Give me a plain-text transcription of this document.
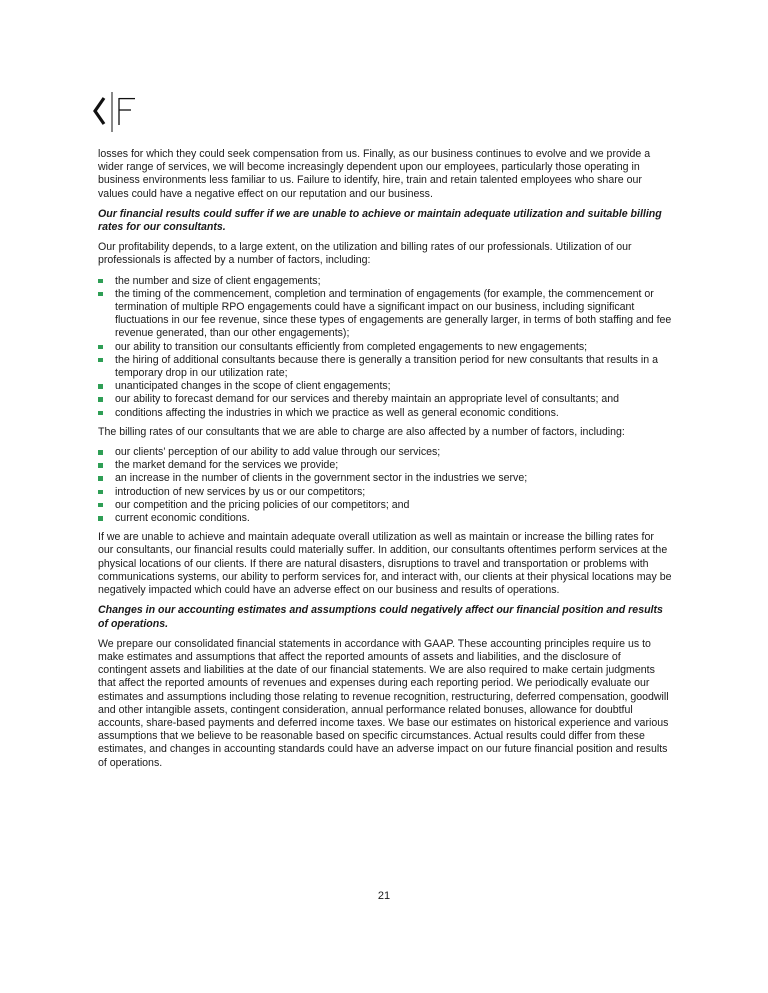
losses for which they could seek compensation from us. Finally, as our business continues to evolve and we provide a wider range of services, we will become increasingly dependent upon our employees, particularly those operating in business environments less familiar to us. Failure to identify, hire, train and retain talented employees who share our values could have a negative effect on our reputation and our business.

Our financial results could suffer if we are unable to achieve or maintain adequate utilization and suitable billing rates for our consultants.

Our profitability depends, to a large extent, on the utilization and billing rates of our professionals. Utilization of our professionals is affected by a number of factors, including:

the number and size of client engagements;
the timing of the commencement, completion and termination of engagements (for example, the commencement or termination of multiple RPO engagements could have a significant impact on our business, including significant fluctuations in our fee revenue, since these types of engagements are generally larger, in terms of both staffing and fee revenue generated, than our other engagements);
our ability to transition our consultants efficiently from completed engagements to new engagements;
the hiring of additional consultants because there is generally a transition period for new consultants that results in a temporary drop in our utilization rate;
unanticipated changes in the scope of client engagements;
our ability to forecast demand for our services and thereby maintain an appropriate level of consultants; and
conditions affecting the industries in which we practice as well as general economic conditions.

The billing rates of our consultants that we are able to charge are also affected by a number of factors, including:

our clients’ perception of our ability to add value through our services;
the market demand for the services we provide;
an increase in the number of clients in the government sector in the industries we serve;
introduction of new services by us or our competitors;
our competition and the pricing policies of our competitors; and
current economic conditions.

If we are unable to achieve and maintain adequate overall utilization as well as maintain or increase the billing rates for our consultants, our financial results could materially suffer. In addition, our consultants oftentimes perform services at the physical locations of our clients. If there are natural disasters, disruptions to travel and transportation or problems with communications systems, our ability to perform services for, and interact with, our clients at their physical locations may be negatively impacted which could have an adverse effect on our business and results of operations.

Changes in our accounting estimates and assumptions could negatively affect our financial position and results of operations.

We prepare our consolidated financial statements in accordance with GAAP. These accounting principles require us to make estimates and assumptions that affect the reported amounts of assets and liabilities, and the disclosure of contingent assets and liabilities at the date of our financial statements. We are also required to make certain judgments that affect the reported amounts of revenues and expenses during each reporting period. We periodically evaluate our estimates and assumptions including those relating to revenue recognition, restructuring, deferred compensation, goodwill and other intangible assets, contingent consideration, annual performance related bonuses, allowance for doubtful accounts, share-based payments and deferred income taxes. We base our estimates on historical experience and various assumptions that we believe to be reasonable based on specific circumstances. Actual results could differ from these estimates, and changes in accounting standards could have an adverse impact on our future financial position and results of operations.

21
